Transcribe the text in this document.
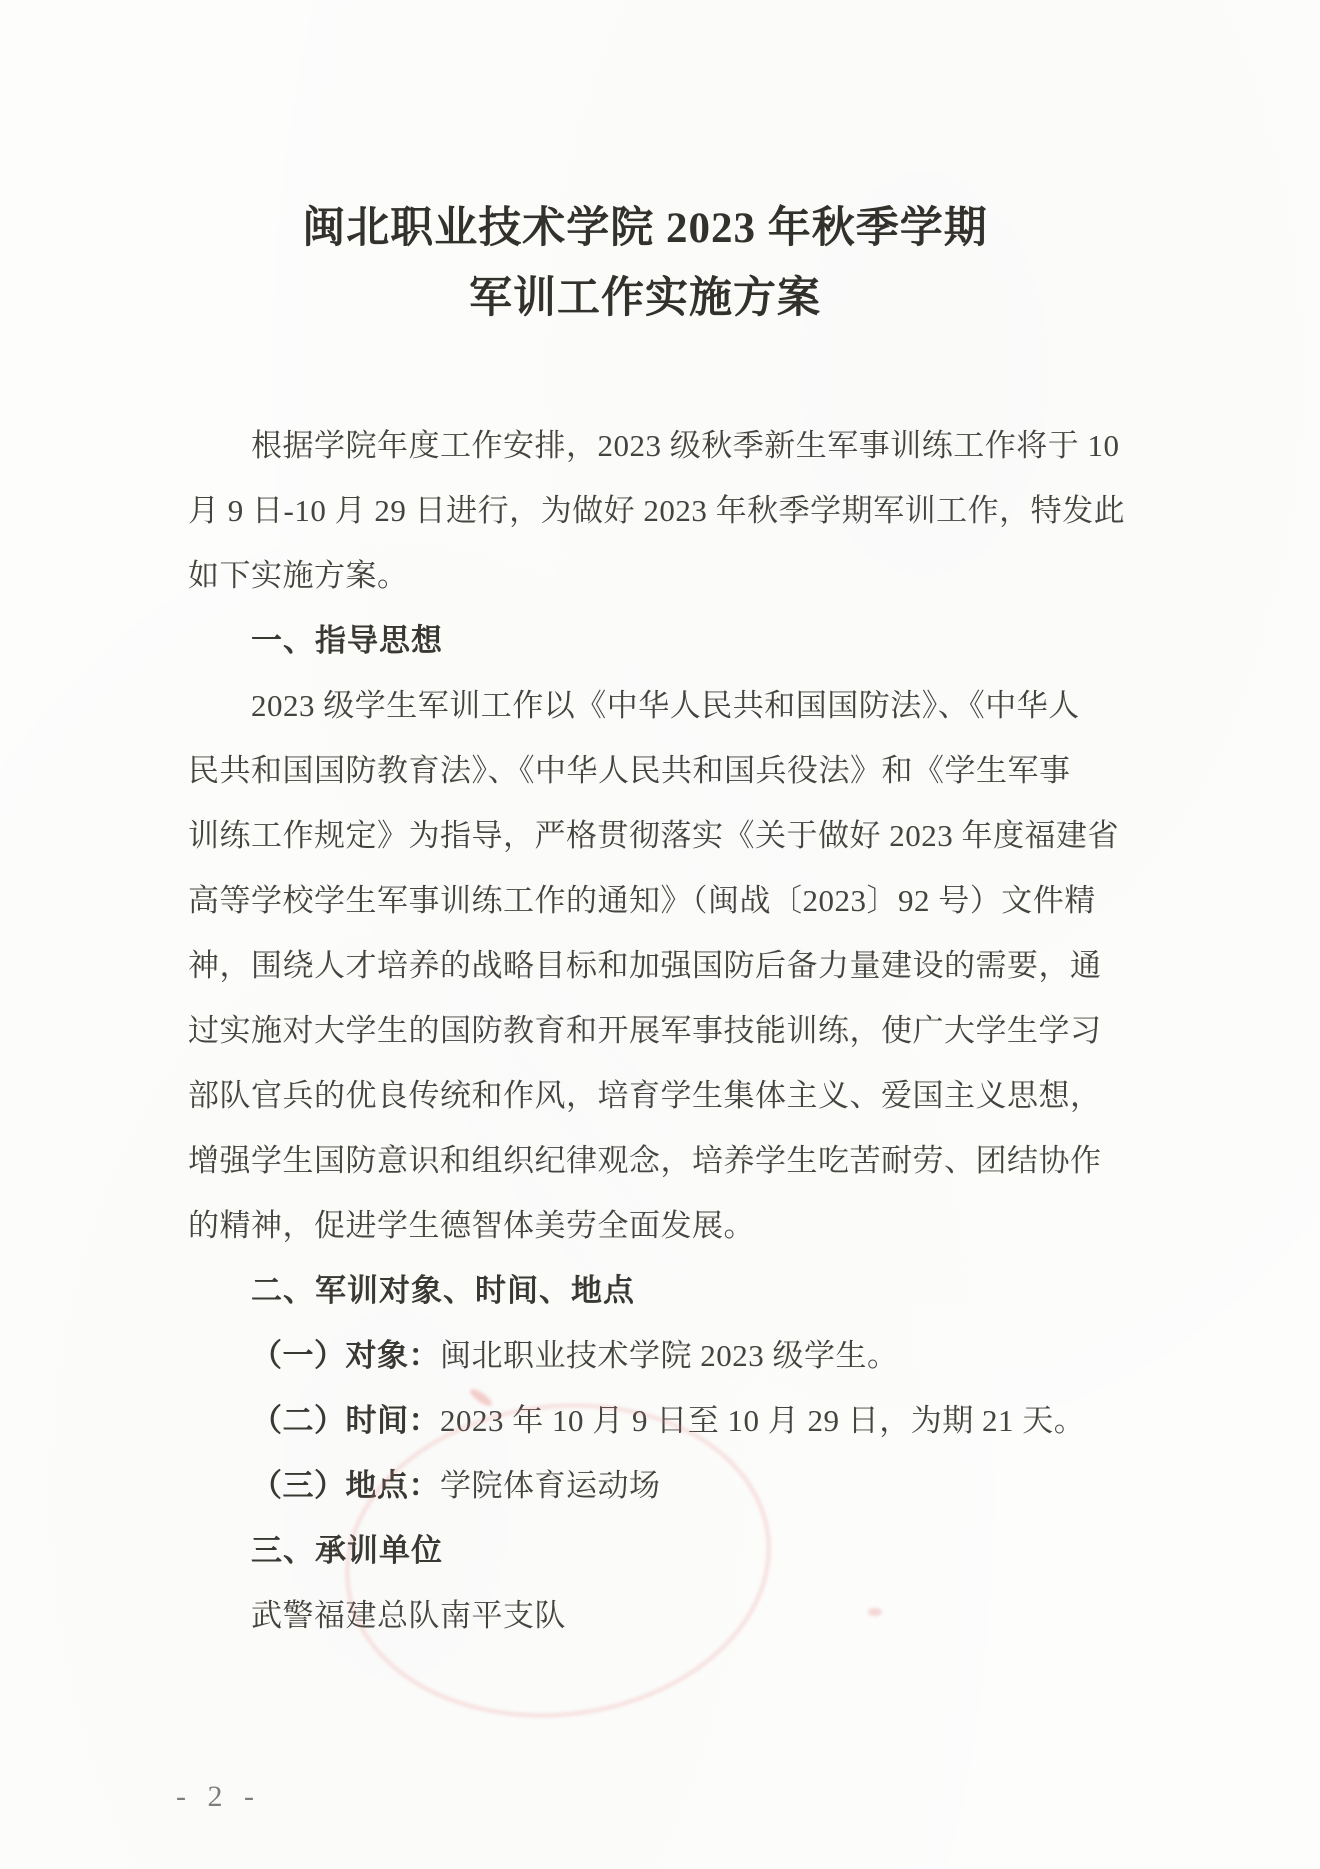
闽北职业技术学院 2023 年秋季学期
军训工作实施方案
根据学院年度工作安排，2023 级秋季新生军事训练工作将于 10
月 9 日-10 月 29 日进行，为做好 2023 年秋季学期军训工作，特发此
如下实施方案。
一、指导思想
2023 级学生军训工作以《中华人民共和国国防法》、《中华人
民共和国国防教育法》、《中华人民共和国兵役法》和《学生军事
训练工作规定》为指导，严格贯彻落实《关于做好 2023 年度福建省
高等学校学生军事训练工作的通知》（闽战〔2023〕92 号）文件精
神，围绕人才培养的战略目标和加强国防后备力量建设的需要，通
过实施对大学生的国防教育和开展军事技能训练，使广大学生学习
部队官兵的优良传统和作风，培育学生集体主义、爱国主义思想，
增强学生国防意识和组织纪律观念，培养学生吃苦耐劳、团结协作
的精神，促进学生德智体美劳全面发展。
二、军训对象、时间、地点
（一）对象：闽北职业技术学院 2023 级学生。
（二）时间：2023 年 10 月 9 日至 10 月 29 日，为期 21 天。
（三）地点：学院体育运动场
三、承训单位
武警福建总队南平支队
- 2 -
